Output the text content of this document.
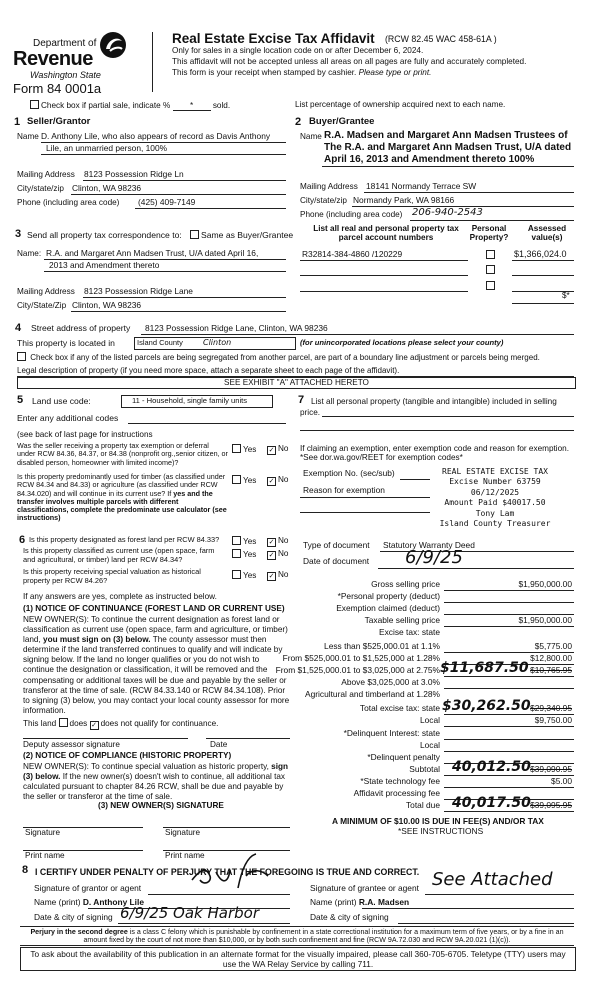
Department of
Revenue
Washington State
Form 84 0001a
Real Estate Excise Tax Affidavit (RCW 82.45 WAC 458-61A )
Only for sales in a single location code on or after December 6, 2024.
This affidavit will not be accepted unless all areas on all pages are fully and accurately completed.
This form is your receipt when stamped by cashier. Please type or print.
Check box if partial sale, indicate % * sold.	List percentage of ownership acquired next to each name.
1 Seller/Grantor
Name D. Anthony Lile, who also appears of record as Davis Anthony
Lile, an unmarried person, 100%
Mailing Address 8123 Possession Ridge Ln
City/state/zip Clinton, WA 98236
Phone (including area code) (425) 409-7149
2 Buyer/Grantee
Name R.A. Madsen and Margaret Ann Madsen Trustees of
The R.A. and Margaret Ann Madsen Trust, U/A dated
April 16, 2013 and Amendment thereto 100%
Mailing Address 18141 Normandy Terrace SW
City/state/zip Normandy Park, WA 98166
Phone (including area code) 206-940-2543
3 Send all property tax correspondence to:	Same as Buyer/Grantee
Name: R.A. and Margaret Ann Madsen Trust, U/A dated April 16,
2013 and Amendment thereto
Mailing Address 8123 Possession Ridge Lane
City/State/Zip Clinton, WA 98236
List all real and personal property tax
parcel account numbers
Personal
Property?
Assessed
value(s)
R32814-384-4860 /120229	$1,366,024.0
$*
4 Street address of property 8123 Possession Ridge Lane, Clinton, WA 98236
This property is located in	Island County	Clinton	(for unincorporated locations please select your county)
Check box if any of the listed parcels are being segregated from another parcel, are part of a boundary line adjustment or parcels being merged.
Legal description of property (if you need more space, attach a separate sheet to each page of the affidavit).
SEE EXHIBIT "A" ATTACHED HERETO
5 Land use code:	11 - Household, single family units
Enter any additional codes
(see back of last page for instructions
Was the seller receiving a property tax exemption or deferral under RCW 84.36, 84.37, or 84.38 (nonprofit org.,senior citizen, or disabled person, homeowner with limited income)?
Yes ✓ No
Is this property predominantly used for timber (as classified under RCW 84.34 and 84.33) or agriculture (as classified under RCW 84.34.020) and will continue in its current use? If yes and the transfer involves multiple parcels with different classifications, complete the predominate use calculator (see instructions)
Yes ✓ No
7 List all personal property (tangible and intangible) included in selling
price.
If claiming an exemption, enter exemption code and reason for exemption. *See dor.wa.gov/REET for exemption codes*
Exemption No. (sec/sub)
Reason for exemption
REAL ESTATE EXCISE TAX
Excise Number 63759
06/12/2025
Amount Paid $40017.50
Tony Lam
Island County Treasurer
6 Is this property designated as forest land per RCW 84.33?	Yes ✓ No
Is this property classified as current use (open space, farm and agricultural, or timber) land per RCW 84.34?
Yes ✓ No
Is this property receiving special valuation as historical property per RCW 84.26?
Yes ✓ No
If any answers are yes, complete as instructed below.
(1) NOTICE OF CONTINUANCE (FOREST LAND OR CURRENT USE)
NEW OWNER(S): To continue the current designation as forest land or classification as current use (open space, farm and agriculture, or timber) land, you must sign on (3) below. The county assessor must then determine if the land transferred continues to qualify and will indicate by signing below. If the land no longer qualifies or you do not wish to continue the designation or classification, it will be removed and the compensating or additional taxes will be due and payable by the seller or transferor at the time of sale. (RCW 84.33.140 or RCW 84.34.108). Prior to signing (3) below, you may contact your local county assessor for more information.
This land does ✓ does not qualify for continuance.
Deputy assessor signature	Date
(2) NOTICE OF COMPLIANCE (HISTORIC PROPERTY)
NEW OWNER(S): To continue special valuation as historic property, sign (3) below. If the new owner(s) doesn't wish to continue, all additional tax calculated pursuant to chapter 84.26 RCW, shall be due and payable by the seller or transferor at the time of sale.
(3) NEW OWNER(S) SIGNATURE
Signature	Signature
Print name	Print name
Type of document Statutory Warranty Deed
Date of document 6/9/25
Gross selling price	$1,950,000.00
*Personal property (deduct)
Exemption claimed (deduct)
Taxable selling price	$1,950,000.00
Excise tax: state
Less than $525,000.01 at 1.1%	$5,775.00
From $525,000.01 to $1,525,000 at 1.28%	$12,800.00
From $1,525,000.01 to $3,025,000 at 2.75% $11,687.50 $10,765.95
Above $3,025,000 at 3.0%
Agricultural and timberland at 1.28%
Total excise tax: state $30,262.50 $29,340.95
Local	$9,750.00
*Delinquent Interest: state
Local
*Delinquent penalty
Subtotal 40,012.50 $39,090.95
*State technology fee	$5.00
Affidavit processing fee
Total due 40,017.50 $39,095.95
A MINIMUM OF $10.00 IS DUE IN FEE(S) AND/OR TAX
*SEE INSTRUCTIONS
8 I CERTIFY UNDER PENALTY OF PERJURY THAT THE FOREGOING IS TRUE AND CORRECT.
Signature of grantor or agent	Signature of grantee or agent See Attached
Name (print) D. Anthony Lile	Name (print) R.A. Madsen
Date & city of signing 6/9/25 Oak Harbor	Date & city of signing
Perjury in the second degree is a class C felony which is punishable by confinement in a state correctional institution for a maximum term of five years, or by a fine in an amount fixed by the court of not more than $10,000, or by both such confinement and fine (RCW 9A.72.030 and RCW 9A.20.021 (1)(c)).
To ask about the availability of this publication in an alternate format for the visually impaired, please call 360-705-6705. Teletype (TTY) users may use the WA Relay Service by calling 711.
